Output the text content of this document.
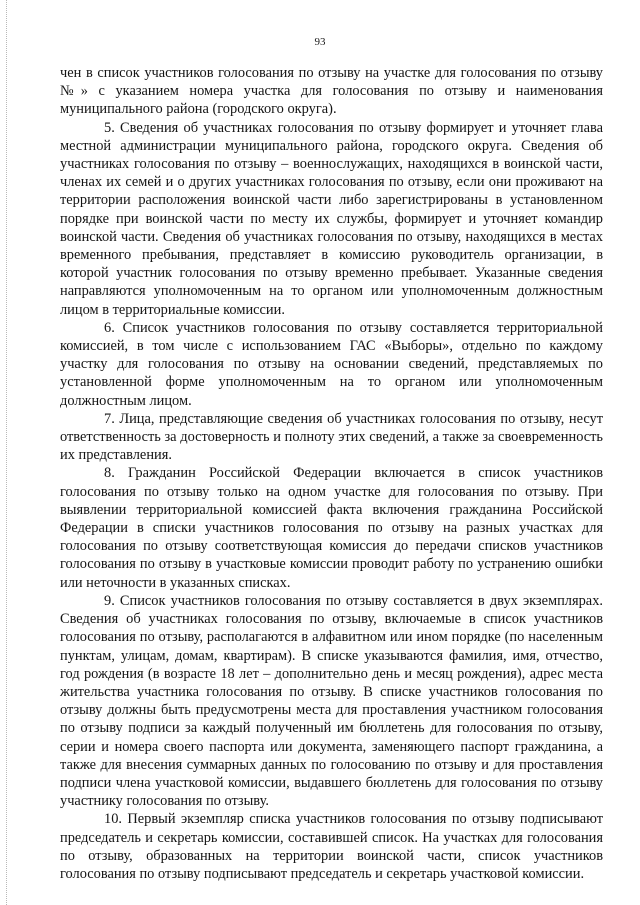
93

чен в список участников голосования по отзыву на участке для голосования по отзыву №» с указанием номера участка для голосования по отзыву и наименования муниципального района (городского округа).

5. Сведения об участниках голосования по отзыву формирует и уточняет глава местной администрации муниципального района, городского округа. Сведения об участниках голосования по отзыву – военнослужащих, находящихся в воинской части, членах их семей и о других участниках голосования по отзыву, если они проживают на территории расположения воинской части либо зарегистрированы в установленном порядке при воинской части по месту их службы, формирует и уточняет командир воинской части. Сведения об участниках голосования по отзыву, находящихся в местах временного пребывания, представляет в комиссию руководитель организации, в которой участник голосования по отзыву временно пребывает. Указанные сведения направляются уполномоченным на то органом или уполномоченным должностным лицом в территориальные комиссии.

6. Список участников голосования по отзыву составляется территориальной комиссией, в том числе с использованием ГАС «Выборы», отдельно по каждому участку для голосования по отзыву на основании сведений, представляемых по установленной форме уполномоченным на то органом или уполномоченным должностным лицом.

7. Лица, представляющие сведения об участниках голосования по отзыву, несут ответственность за достоверность и полноту этих сведений, а также за своевременность их представления.

8. Гражданин Российской Федерации включается в список участников голосования по отзыву только на одном участке для голосования по отзыву. При выявлении территориальной комиссией факта включения гражданина Российской Федерации в списки участников голосования по отзыву на разных участках для голосования по отзыву соответствующая комиссия до передачи списков участников голосования по отзыву в участковые комиссии проводит работу по устранению ошибки или неточности в указанных списках.

9. Список участников голосования по отзыву составляется в двух экземплярах. Сведения об участниках голосования по отзыву, включаемые в список участников голосования по отзыву, располагаются в алфавитном или ином порядке (по населенным пунктам, улицам, домам, квартирам). В списке указываются фамилия, имя, отчество, год рождения (в возрасте 18 лет – дополнительно день и месяц рождения), адрес места жительства участника голосования по отзыву. В списке участников голосования по отзыву должны быть предусмотрены места для проставления участником голосования по отзыву подписи за каждый полученный им бюллетень для голосования по отзыву, серии и номера своего паспорта или документа, заменяющего паспорт гражданина, а также для внесения суммарных данных по голосованию по отзыву и для проставления подписи члена участковой комиссии, выдавшего бюллетень для голосования по отзыву участнику голосования по отзыву.

10. Первый экземпляр списка участников голосования по отзыву подписывают председатель и секретарь комиссии, составившей список. На участках для голосования по отзыву, образованных на территории воинской части, список участников голосования по отзыву подписывают председатель и секретарь участковой комиссии.
